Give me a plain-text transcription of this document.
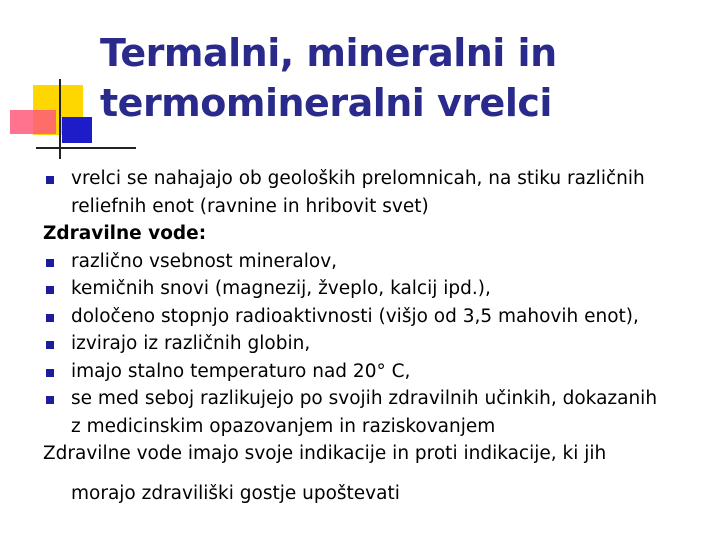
Termalni, mineralni in
termomineralni vrelci
vrelci se nahajajo ob geoloških prelomnicah, na stiku različnih
reliefnih enot (ravnine in hribovit svet)
Zdravilne vode:
različno vsebnost mineralov,
kemičnih snovi (magnezij, žveplo, kalcij ipd.),
določeno stopnjo radioaktivnosti (višjo od 3,5 mahovih enot),
izvirajo iz različnih globin,
imajo stalno temperaturo nad 20° C,
se med seboj razlikujejo po svojih zdravilnih učinkih, dokazanih
z medicinskim opazovanjem in raziskovanjem
Zdravilne vode imajo svoje indikacije in proti indikacije, ki jih
morajo zdraviliški gostje upoštevati
